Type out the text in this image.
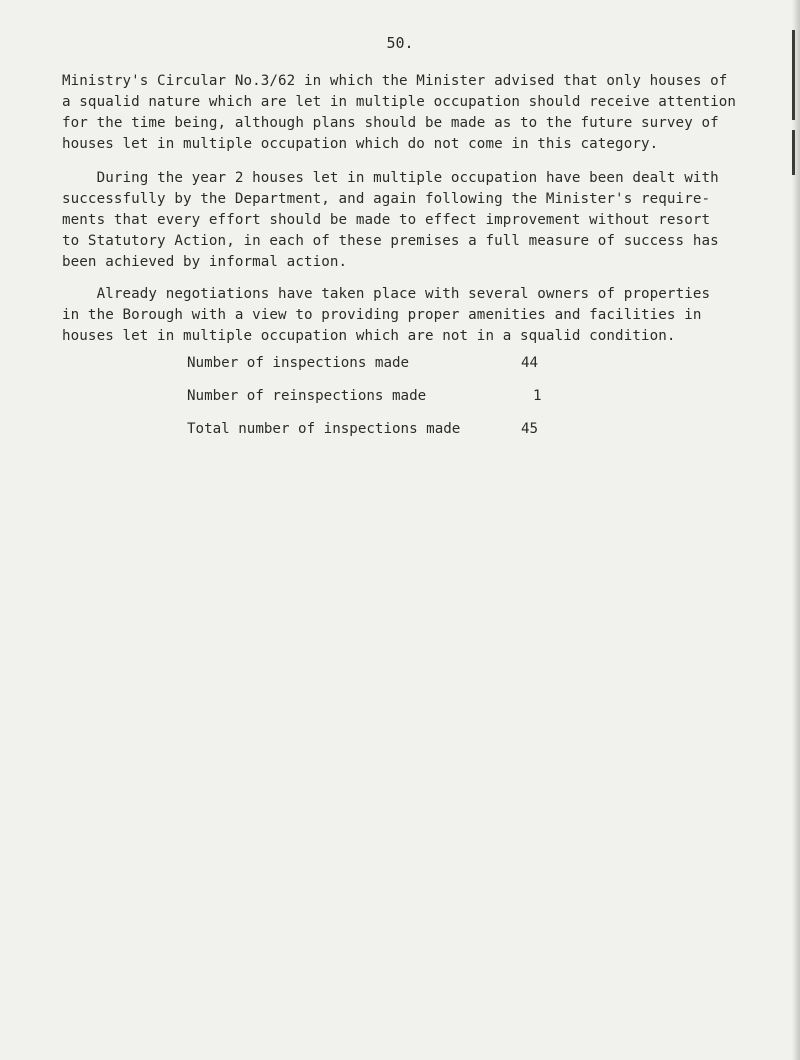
50.

Ministry's Circular No.3/62 in which the Minister advised that only houses of
a squalid nature which are let in multiple occupation should receive attention
for the time being, although plans should be made as to the future survey of
houses let in multiple occupation which do not come in this category.

During the year 2 houses let in multiple occupation have been dealt with
successfully by the Department, and again following the Minister's require-
ments that every effort should be made to effect improvement without resort
to Statutory Action, in each of these premises a full measure of success has
been achieved by informal action.

Already negotiations have taken place with several owners of properties
in the Borough with a view to providing proper amenities and facilities in
houses let in multiple occupation which are not in a squalid condition.

Number of inspections made	44
Number of reinspections made	1
Total number of inspections made	45
